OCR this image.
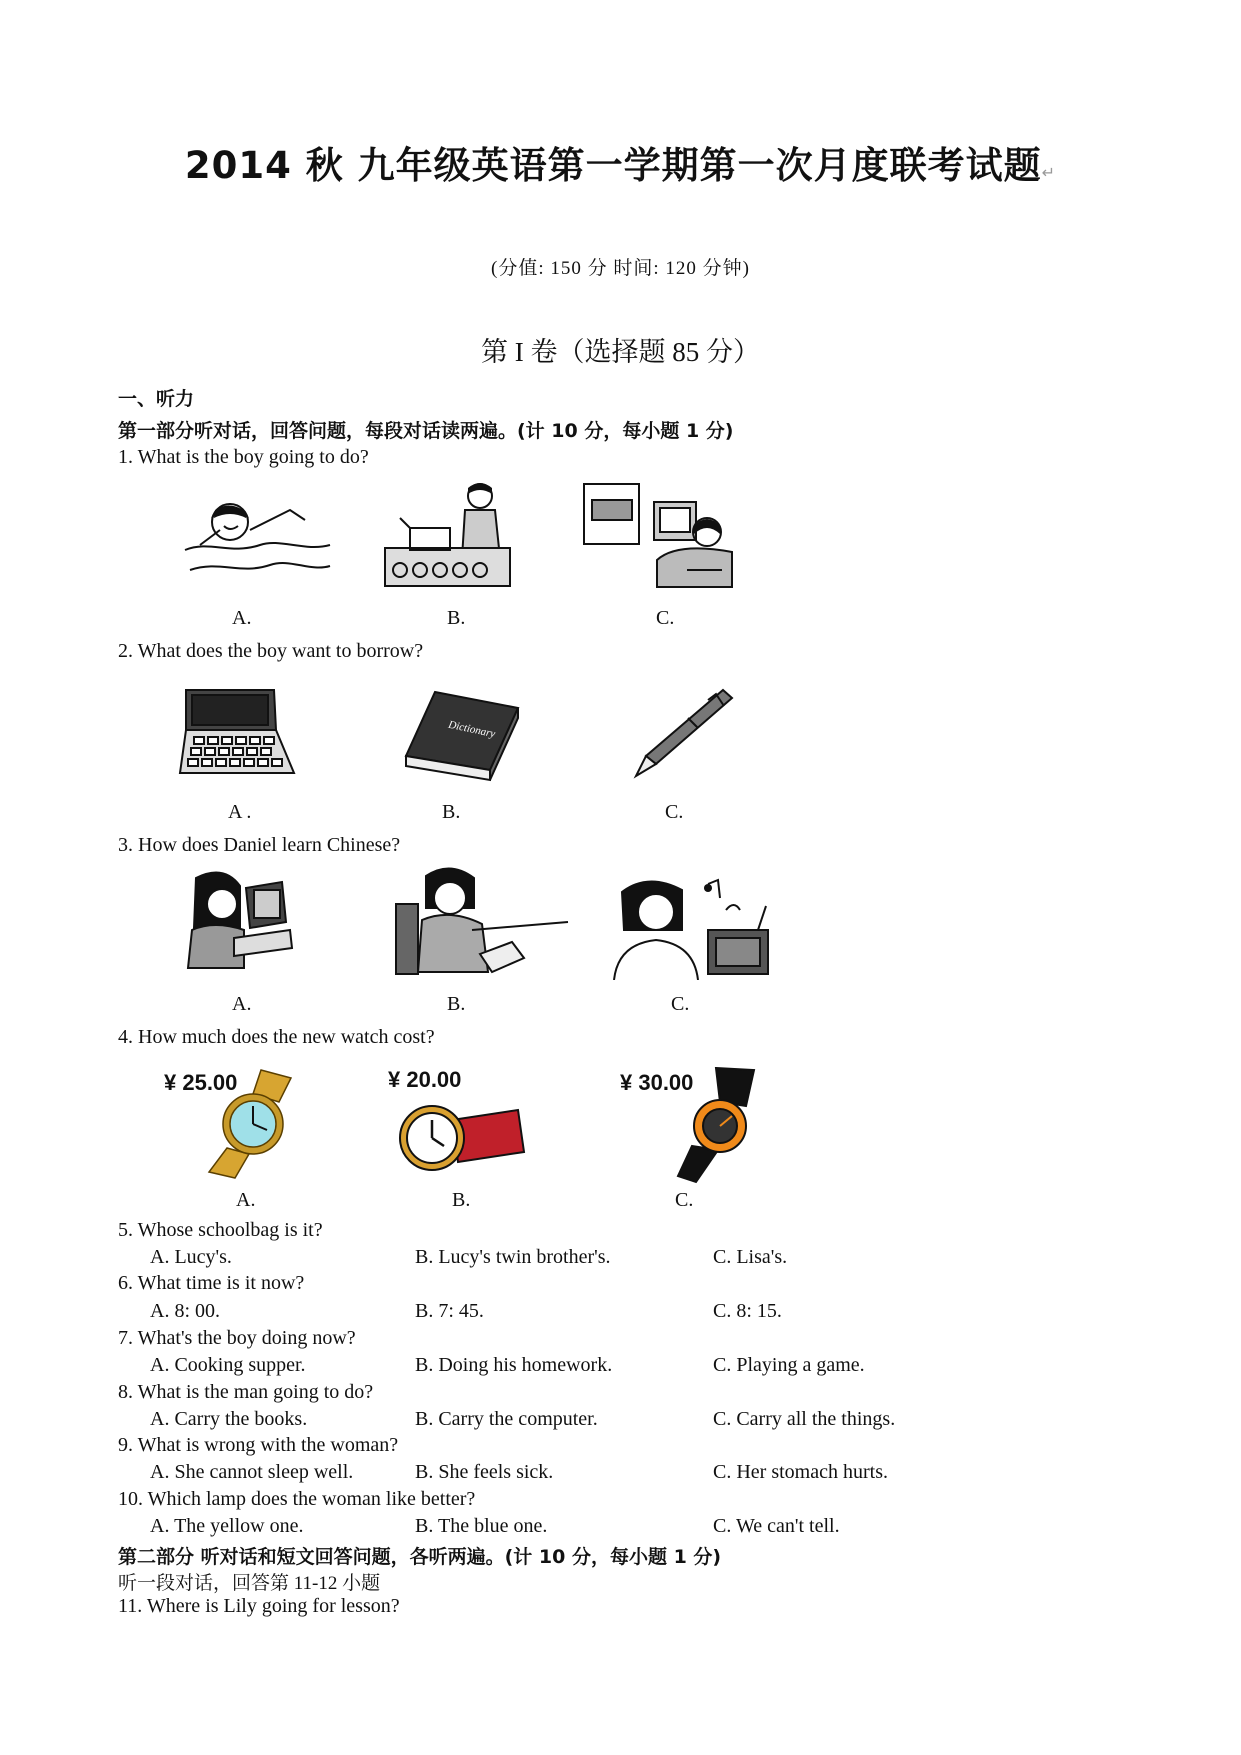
2014 秋 九年级英语第一学期第一次月度联考试题↵
(分值: 150 分 时间: 120 分钟)
第 I 卷（选择题 85 分）
一、听力
第一部分听对话，回答问题，每段对话读两遍。(计 10 分，每小题 1 分)
1. What is the boy going to do?
A.	B.	C.
2. What does the boy want to borrow?
Dictionary
A .	B.	C.
3. How does Daniel learn Chinese?
A.	B.	C.
4. How much does the new watch cost?
¥ 25.00	¥ 20.00	¥ 30.00
A.	B.	C.
5. Whose schoolbag is it?
A. Lucy's.	B. Lucy's twin brother's.	C. Lisa's.
6. What time is it now?
A. 8: 00.	B. 7: 45.	C. 8: 15.
7. What's the boy doing now?
A. Cooking supper.	B. Doing his homework.	C. Playing a game.
8. What is the man going to do?
A. Carry the books.	B. Carry the computer.	C. Carry all the things.
9. What is wrong with the woman?
A. She cannot sleep well.	B. She feels sick.	C. Her stomach hurts.
10. Which lamp does the woman like better?
A. The yellow one.	B. The blue one.	C. We can't tell.
第二部分 听对话和短文回答问题，各听两遍。(计 10 分，每小题 1 分)
听一段对话，回答第 11-12 小题
11. Where is Lily going for lesson?
